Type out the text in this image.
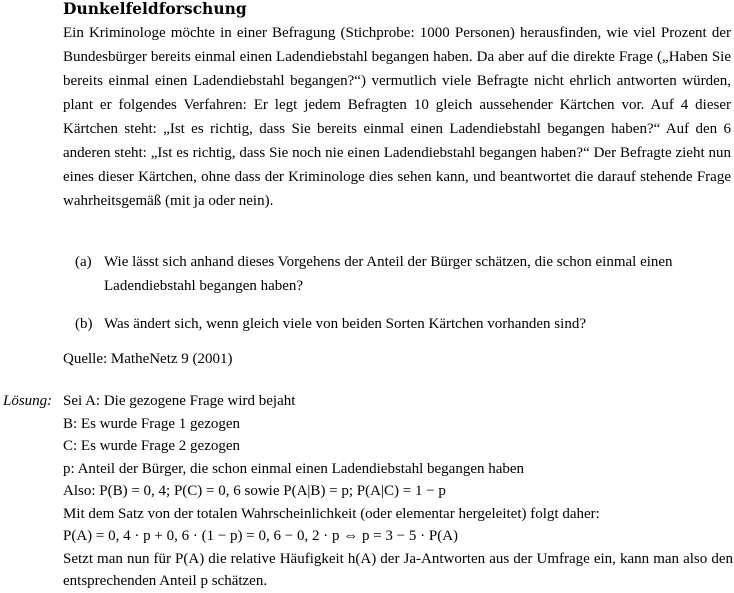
Dunkelfeldforschung
Ein Kriminologe möchte in einer Befragung (Stichprobe: 1000 Personen) herausfinden, wie viel Prozent der Bundesbürger bereits einmal einen Ladendiebstahl begangen haben. Da aber auf die direkte Frage („Haben Sie bereits einmal einen Ladendiebstahl begangen?“) vermutlich viele Befragte nicht ehrlich antworten würden, plant er folgendes Verfahren: Er legt jedem Befragten 10 gleich aussehender Kärtchen vor. Auf 4 dieser Kärtchen steht: „Ist es richtig, dass Sie bereits einmal einen Ladendiebstahl begangen haben?“ Auf den 6 anderen steht: „Ist es richtig, dass Sie noch nie einen Ladendiebstahl begangen haben?“ Der Befragte zieht nun eines dieser Kärtchen, ohne dass der Kriminologe dies sehen kann, und beantwortet die darauf stehende Frage wahrheitsgemäß (mit ja oder nein).
(a) Wie lässt sich anhand dieses Vorgehens der Anteil der Bürger schätzen, die schon einmal einen Ladendiebstahl begangen haben?
(b) Was ändert sich, wenn gleich viele von beiden Sorten Kärtchen vorhanden sind?
Quelle: MatheNetz 9 (2001)
Lösung: Sei A: Die gezogene Frage wird bejaht
B: Es wurde Frage 1 gezogen
C: Es wurde Frage 2 gezogen
p: Anteil der Bürger, die schon einmal einen Ladendiebstahl begangen haben
Also: P(B) = 0, 4; P(C) = 0, 6 sowie P(A|B) = p; P(A|C) = 1 − p
Mit dem Satz von der totalen Wahrscheinlichkeit (oder elementar hergeleitet) folgt daher:
P(A) = 0, 4 · p + 0, 6 · (1 − p) = 0, 6 − 0, 2 · p ⇔ p = 3 − 5 · P(A)
Setzt man nun für P(A) die relative Häufigkeit h(A) der Ja-Antworten aus der Umfrage ein, kann man also den entsprechenden Anteil p schätzen.
